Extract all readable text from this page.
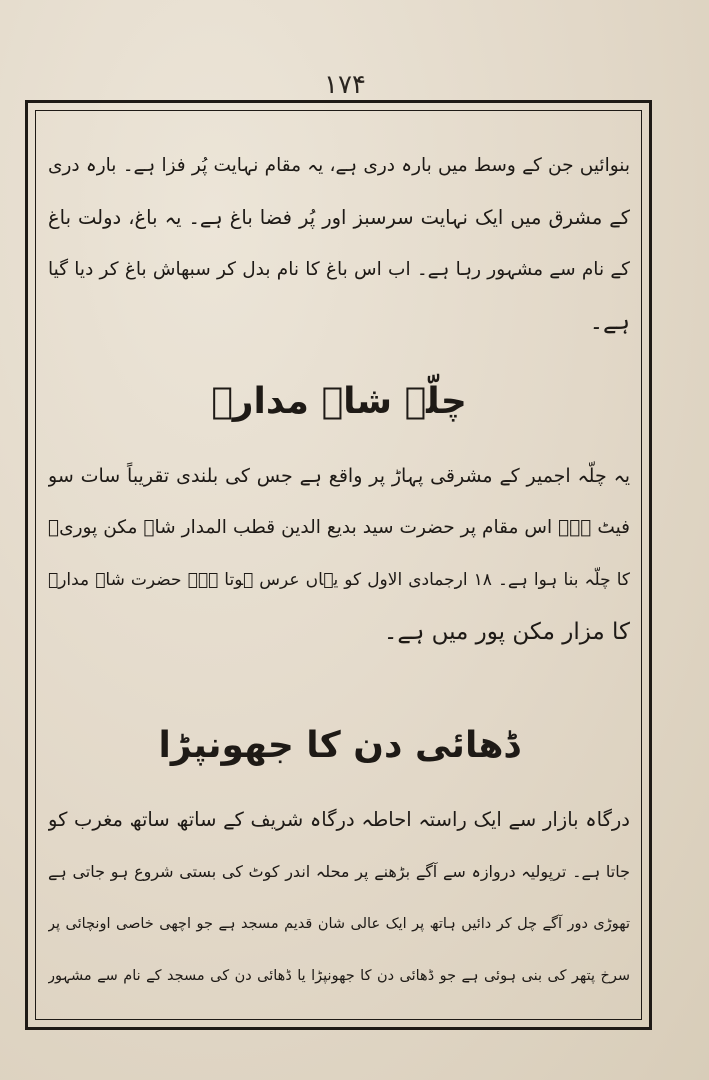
۱۷۴

بنوائیں جن کے وسط میں بارہ دری ہے، یہ مقام نہایت پُر فزا ہے۔ بارہ دری

کے مشرق میں ایک نہایت سرسبز اور پُر فضا باغ ہے۔ یہ باغ، دولت باغ

کے نام سے مشہور رہا ہے۔ اب اس باغ کا نام بدل کر سبھاش باغ کر دیا گیا

ہے۔

چلّہ شاہ مدارؒ

یہ چلّہ اجمیر کے مشرقی پہاڑ پر واقع ہے جس کی بلندی تقریباً سات سو

فیٹ ہے۔ اس مقام پر حضرت سید بدیع الدین قطب المدار شاہ مکن پوریؒ

کا چلّہ بنا ہوا ہے۔ ۱۸ ارجمادی الاول کو یہاں عرس ہوتا ہے۔ حضرت شاہ مدارؒ

کا مزار مکن پور میں ہے۔

ڈھائی دن کا جھونپڑا

درگاہ بازار سے ایک راستہ احاطہ درگاہ شریف کے ساتھ ساتھ مغرب کو

جاتا ہے۔ ترپولیہ دروازہ سے آگے بڑھنے پر محلہ اندر کوٹ کی بستی شروع ہو جاتی ہے

تھوڑی دور آگے چل کر دائیں ہاتھ پر ایک عالی شان قدیم مسجد ہے جو اچھی خاصی اونچائی پر

سرخ پتھر کی بنی ہوئی ہے جو ڈھائی دن کا جھونپڑا یا ڈھائی دن کی مسجد کے نام سے مشہور
